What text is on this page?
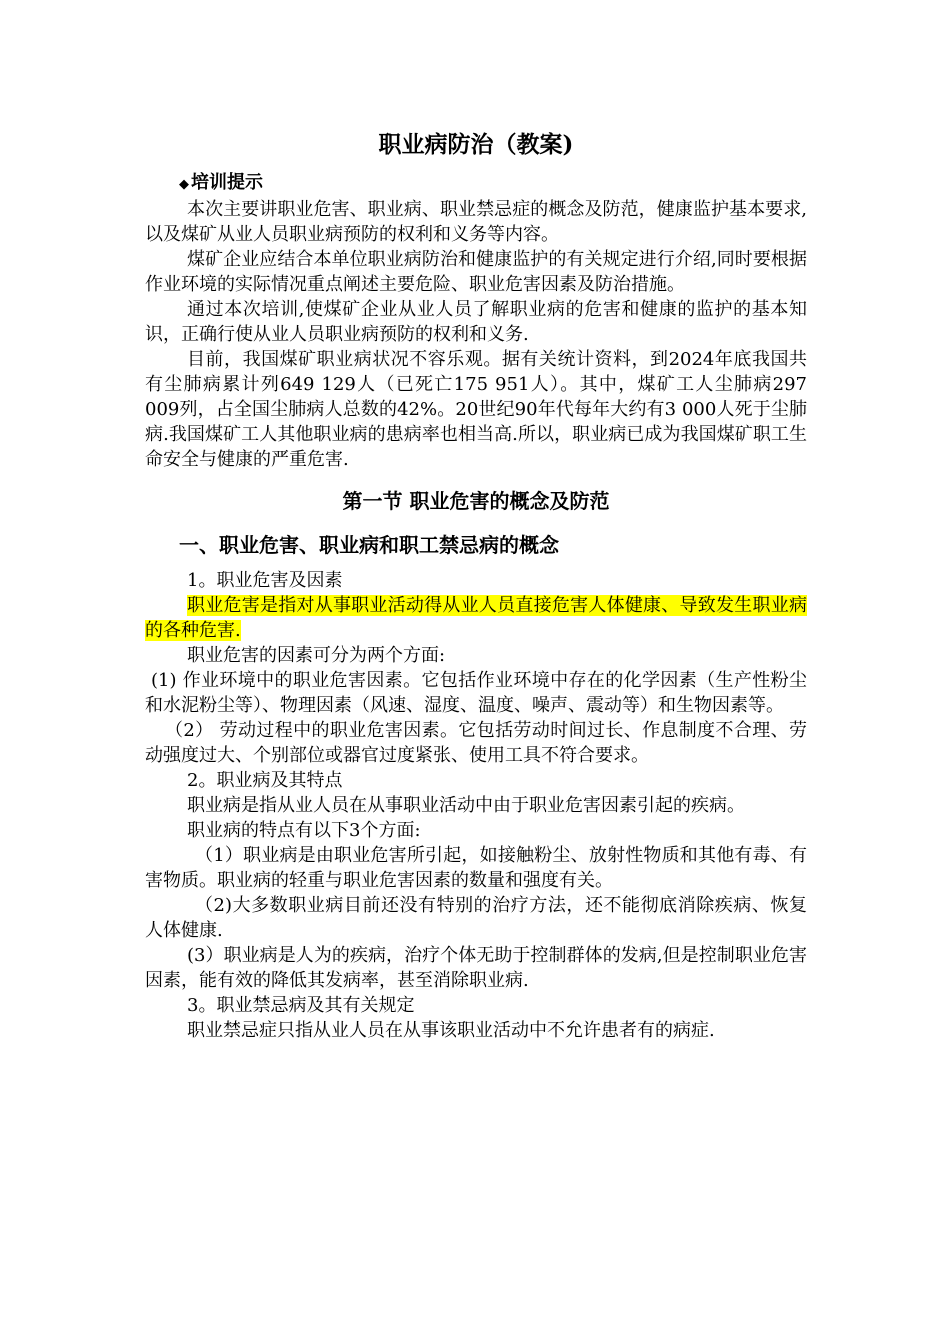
职业病防治（教案)
◆ 培训提示

本次主要讲职业危害、职业病、职业禁忌症的概念及防范，健康监护基本要求,以及煤矿从业人员职业病预防的权利和义务等内容。

煤矿企业应结合本单位职业病防治和健康监护的有关规定进行介绍,同时要根据作业环境的实际情况重点阐述主要危险、职业危害因素及防治措施。

通过本次培训,使煤矿企业从业人员了解职业病的危害和健康的监护的基本知识，正确行使从业人员职业病预防的权利和义务.

目前，我国煤矿职业病状况不容乐观。据有关统计资料，到2024年底我国共有尘肺病累计列649 129人（已死亡175 951人）。其中，煤矿工人尘肺病297 009列，占全国尘肺病人总数的42%。20世纪90年代每年大约有3 000人死于尘肺病.我国煤矿工人其他职业病的患病率也相当高.所以，职业病已成为我国煤矿职工生命安全与健康的严重危害.

第一节 职业危害的概念及防范
一、职业危害、职业病和职工禁忌病的概念

1。职业危害及因素

职业危害是指对从事职业活动得从业人员直接危害人体健康、导致发生职业病的各种危害.

职业危害的因素可分为两个方面:

(1) 作业环境中的职业危害因素。它包括作业环境中存在的化学因素（生产性粉尘和水泥粉尘等）、物理因素（风速、湿度、温度、噪声、震动等）和生物因素等。

（2） 劳动过程中的职业危害因素。它包括劳动时间过长、作息制度不合理、劳动强度过大、个别部位或器官过度紧张、使用工具不符合要求。

2。职业病及其特点

职业病是指从业人员在从事职业活动中由于职业危害因素引起的疾病。

职业病的特点有以下3个方面:

（1）职业病是由职业危害所引起，如接触粉尘、放射性物质和其他有毒、有害物质。职业病的轻重与职业危害因素的数量和强度有关。

（2)大多数职业病目前还没有特别的治疗方法，还不能彻底消除疾病、恢复人体健康.

(3）职业病是人为的疾病，治疗个体无助于控制群体的发病,但是控制职业危害因素，能有效的降低其发病率，甚至消除职业病.

3。职业禁忌病及其有关规定

职业禁忌症只指从业人员在从事该职业活动中不允许患者有的病症.
